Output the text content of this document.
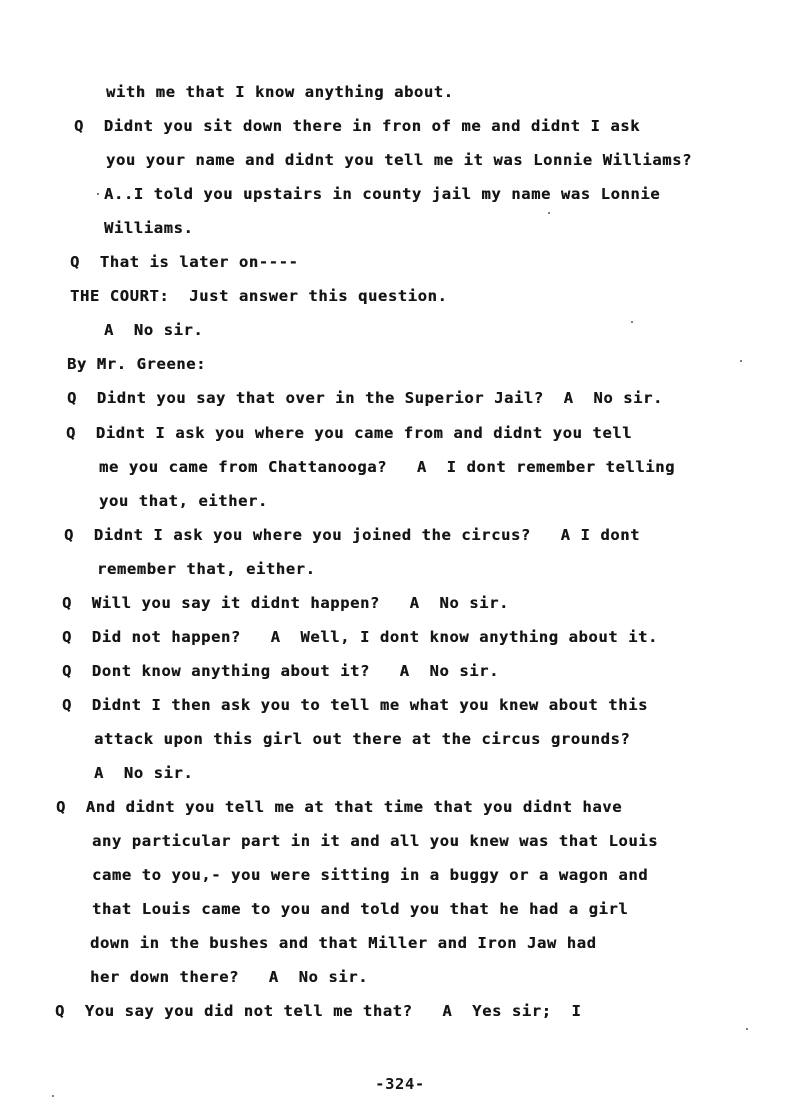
with me that I know anything about.
Q  Didnt you sit down there in fron of me and didnt I ask
you your name and didnt you tell me it was Lonnie Williams?
A..I told you upstairs in county jail my name was Lonnie
Williams.
Q  That is later on----
THE COURT:  Just answer this question.
A  No sir.
By Mr. Greene:
Q  Didnt you say that over in the Superior Jail?  A  No sir.
Q  Didnt I ask you where you came from and didnt you tell
me you came from Chattanooga?   A  I dont remember telling
you that, either.
Q  Didnt I ask you where you joined the circus?   A I dont
remember that, either.
Q  Will you say it didnt happen?   A  No sir.
Q  Did not happen?   A  Well, I dont know anything about it.
Q  Dont know anything about it?   A  No sir.
Q  Didnt I then ask you to tell me what you knew about this
attack upon this girl out there at the circus grounds?
A  No sir.
Q  And didnt you tell me at that time that you didnt have
any particular part in it and all you knew was that Louis
came to you,- you were sitting in a buggy or a wagon and
that Louis came to you and told you that he had a girl
down in the bushes and that Miller and Iron Jaw had
her down there?   A  No sir.
Q  You say you did not tell me that?   A  Yes sir;  I
-324-
